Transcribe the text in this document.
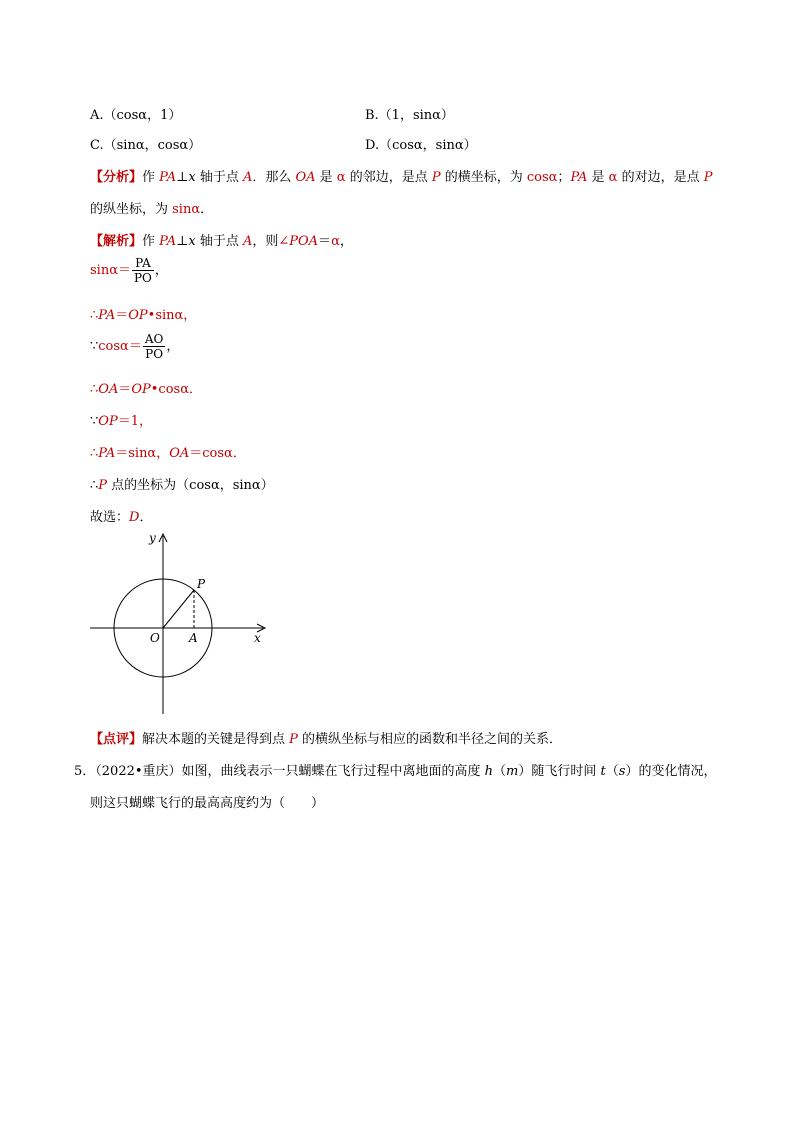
A.（cosα，1）	B.（1，sinα）
C.（sinα，cosα）	D.（cosα，sinα）
【分析】作 PA⊥x 轴于点 A．那么 OA 是 α 的邻边，是点 P 的横坐标，为 cosα；PA 是 α 的对边，是点 P
的纵坐标，为 sinα．
【解析】作 PA⊥x 轴于点 A，则∠POA＝α，
$\sin\alpha= \frac{PA}{PO}$ ，
∴PA＝OP•sinα，
∵cosα＝ $\frac{AO}{PO}$ ，
∴OA＝OP•cosα．
∵OP＝1，
∴PA＝sinα，OA＝cosα．
∴P 点的坐标为（cosα，sinα）
故选：D．
y
x
O A
P
【点评】解决本题的关键是得到点 P 的横纵坐标与相应的函数和半径之间的关系．
5．（2022•重庆）如图，曲线表示一只蝴蝶在飞行过程中离地面的高度 h（m）随飞行时间 t（s）的变化情况，
则这只蝴蝶飞行的最高高度约为（　　）
